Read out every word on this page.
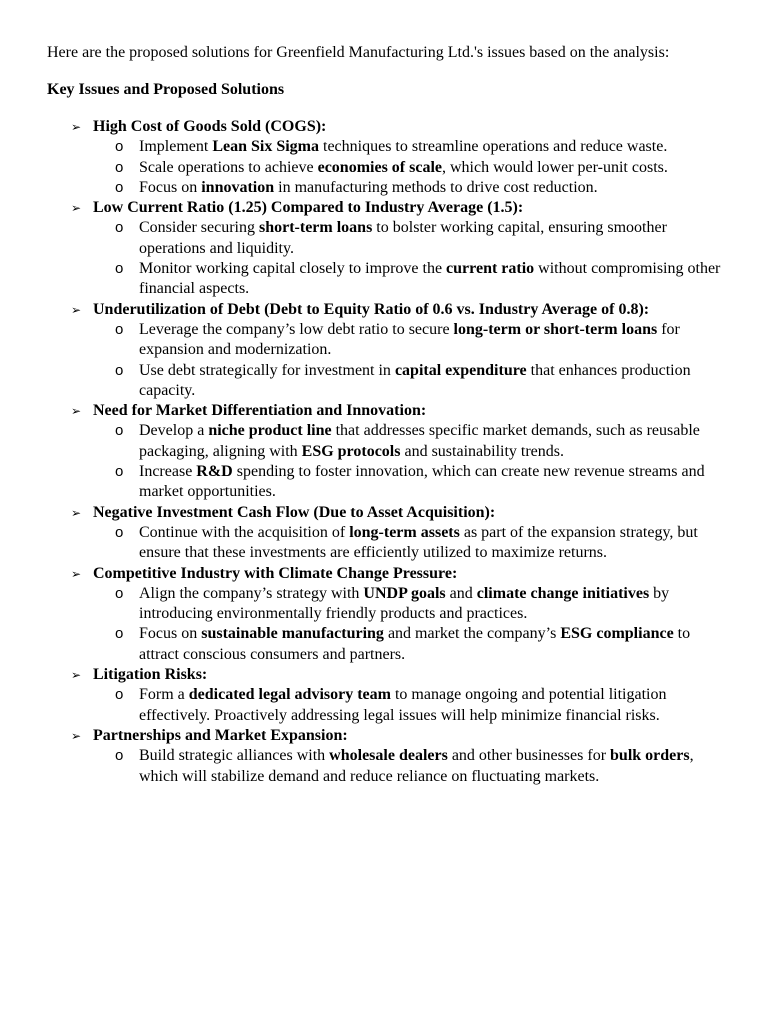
Here are the proposed solutions for Greenfield Manufacturing Ltd.'s issues based on the analysis:

Key Issues and Proposed Solutions
➢ High Cost of Goods Sold (COGS):
o Implement Lean Six Sigma techniques to streamline operations and reduce waste.
o Scale operations to achieve economies of scale, which would lower per-unit costs.
o Focus on innovation in manufacturing methods to drive cost reduction.
➢ Low Current Ratio (1.25) Compared to Industry Average (1.5):
o Consider securing short-term loans to bolster working capital, ensuring smoother operations and liquidity.
o Monitor working capital closely to improve the current ratio without compromising other financial aspects.
➢ Underutilization of Debt (Debt to Equity Ratio of 0.6 vs. Industry Average of 0.8):
o Leverage the company’s low debt ratio to secure long-term or short-term loans for expansion and modernization.
o Use debt strategically for investment in capital expenditure that enhances production capacity.
➢ Need for Market Differentiation and Innovation:
o Develop a niche product line that addresses specific market demands, such as reusable packaging, aligning with ESG protocols and sustainability trends.
o Increase R&D spending to foster innovation, which can create new revenue streams and market opportunities.
➢ Negative Investment Cash Flow (Due to Asset Acquisition):
o Continue with the acquisition of long-term assets as part of the expansion strategy, but ensure that these investments are efficiently utilized to maximize returns.
➢ Competitive Industry with Climate Change Pressure:
o Align the company’s strategy with UNDP goals and climate change initiatives by introducing environmentally friendly products and practices.
o Focus on sustainable manufacturing and market the company’s ESG compliance to attract conscious consumers and partners.
➢ Litigation Risks:
o Form a dedicated legal advisory team to manage ongoing and potential litigation effectively. Proactively addressing legal issues will help minimize financial risks.
➢ Partnerships and Market Expansion:
o Build strategic alliances with wholesale dealers and other businesses for bulk orders, which will stabilize demand and reduce reliance on fluctuating markets.
